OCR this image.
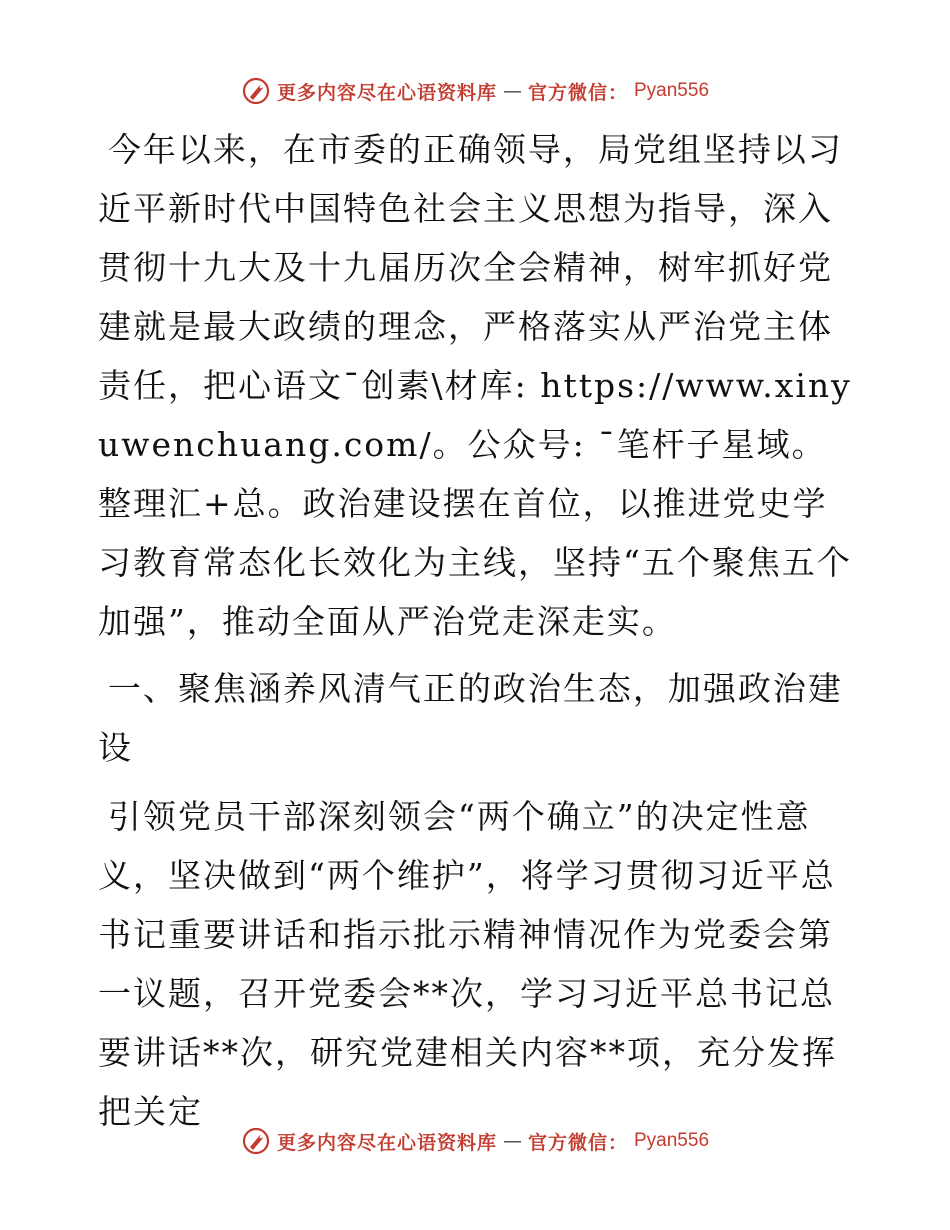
更多内容尽在心语资料库 — 官方微信： Pyan556

今年以来，在市委的正确领导，局党组坚持以习近平新时代中国特色社会主义思想为指导，深入贯彻十九大及十九届历次全会精神，树牢抓好党建就是最大政绩的理念，严格落实从严治党主体责任，把心语文¯创素\材库: https://www.xinyuwenchuang.com/。公众号: ¯笔杆子星域。整理汇+总。政治建设摆在首位，以推进党史学习教育常态化长效化为主线，坚持“五个聚焦五个加强”，推动全面从严治党走深走实。

一、聚焦涵养风清气正的政治生态，加强政治建设

引领党员干部深刻领会“两个确立”的决定性意义，坚决做到“两个维护”，将学习贯彻习近平总书记重要讲话和指示批示精神情况作为党委会第一议题，召开党委会**次，学习习近平总书记总要讲话**次，研究党建相关内容**项，充分发挥把关定

更多内容尽在心语资料库 — 官方微信： Pyan556
